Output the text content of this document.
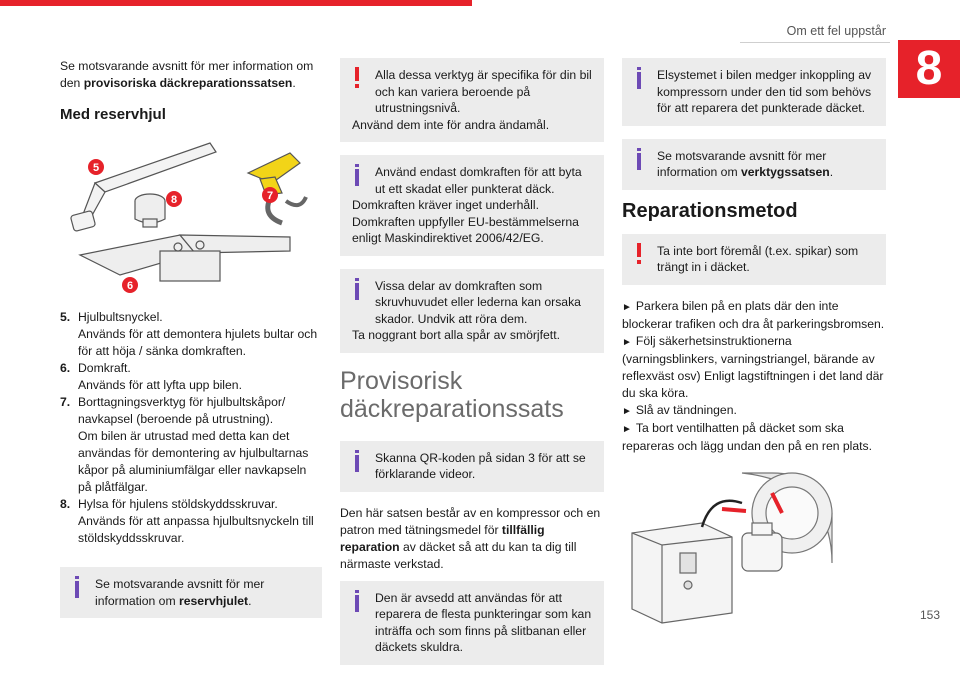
Om ett fel uppstår
8

Se motsvarande avsnitt för mer information om den provisoriska däckreparationssatsen.

Med reservhjul
5
8	7
6
5. Hjulbultsnyckel.
Används för att demontera hjulets bultar och för att höja / sänka domkraften.
6. Domkraft.
Används för att lyfta upp bilen.
7. Borttagningsverktyg för hjulbultskåpor/ navkapsel (beroende på utrustning).
Om bilen är utrustad med detta kan det användas för demontering av hjulbultarnas kåpor på aluminiumfälgar eller navkapseln på plåtfälgar.
8. Hylsa för hjulens stöldskyddsskruvar.
Används för att anpassa hjulbultsnyckeln till stöldskyddsskruvar.
Se motsvarande avsnitt för mer information om reservhjulet.
Alla dessa verktyg är specifika för din bil och kan variera beroende på utrustningsnivå.
Använd dem inte för andra ändamål.
Använd endast domkraften för att byta ut ett skadat eller punkterat däck.
Domkraften kräver inget underhåll. Domkraften uppfyller EU-bestämmelserna enligt Maskindirektivet 2006/42/EG.
Vissa delar av domkraften som skruvhuvudet eller lederna kan orsaka skador. Undvik att röra dem.
Ta noggrant bort alla spår av smörjfett.
Provisorisk däckreparationssats
Skanna QR-koden på sidan 3 för att se förklarande videor.

Den här satsen består av en kompressor och en patron med tätningsmedel för tillfällig reparation av däcket så att du kan ta dig till närmaste verkstad.

Den är avsedd att användas för att reparera de flesta punkteringar som kan inträffa och som finns på slitbanan eller däckets skuldra.
Elsystemet i bilen medger inkoppling av kompressorn under den tid som behövs för att reparera det punkterade däcket.
Se motsvarande avsnitt för mer information om verktygssatsen.
Reparationsmetod
Ta inte bort föremål (t.ex. spikar) som trängt in i däcket.
► Parkera bilen på en plats där den inte blockerar trafiken och dra åt parkeringsbromsen.
► Följ säkerhetsinstruktionerna (varningsblinkers, varningstriangel, bärande av reflexväst osv) Enligt lagstiftningen i det land där du ska köra.
► Slå av tändningen.
► Ta bort ventilhatten på däcket som ska repareras och lägg undan den på en ren plats.
153
